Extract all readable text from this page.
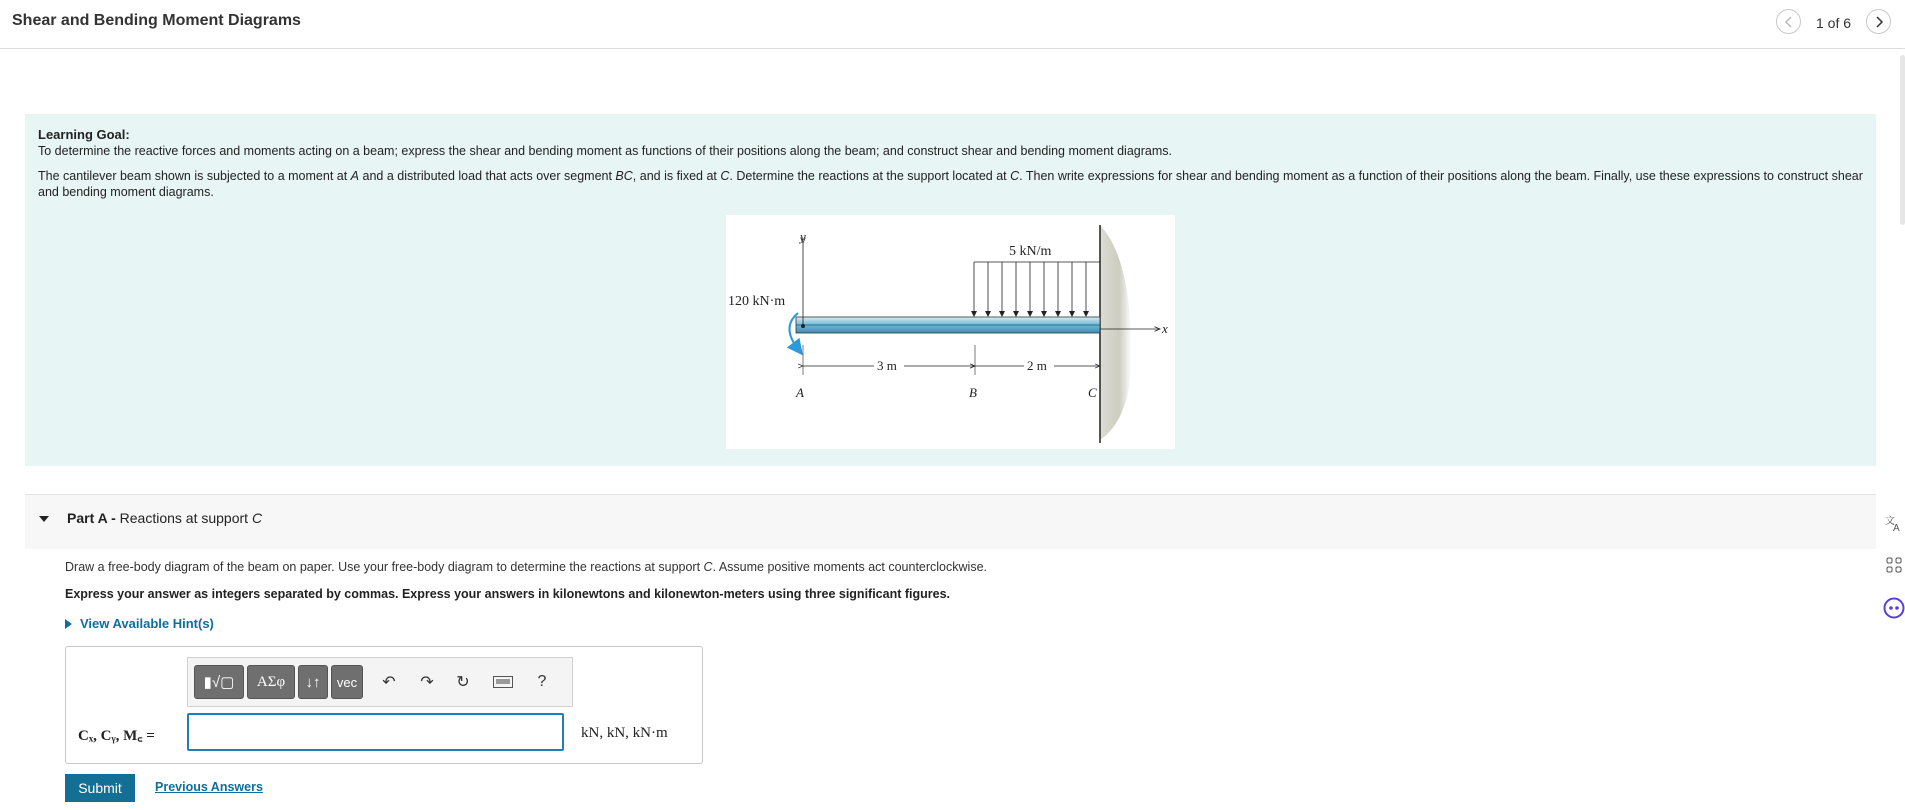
Shear and Bending Moment Diagrams	1 of 6
Learning Goal:

To determine the reactive forces and moments acting on a beam; express the shear and bending moment as functions of their positions along the beam; and construct shear and bending moment diagrams.

The cantilever beam shown is subjected to a moment at A and a distributed load that acts over segment BC, and is fixed at C. Determine the reactions at the support located at C. Then write expressions for shear and bending moment as a function of their positions along the beam. Finally, use these expressions to construct shear and bending moment diagrams.

y
x
120 kN·m
5 kN/m
3 m	2 m
A	B	C
Part A - Reactions at support C
Draw a free-body diagram of the beam on paper. Use your free-body diagram to determine the reactions at support C. Assume positive moments act counterclockwise.
Express your answer as integers separated by commas. Express your answers in kilonewtons and kilonewton-meters using three significant figures.
View Available Hint(s)
▮√▢	ΑΣφ	↓↑	vec	↶ ↷ ↻	?
Cₓ, Cᵧ, M꜀ =	kN, kN, kN·m
Submit	Previous Answers
文
A
